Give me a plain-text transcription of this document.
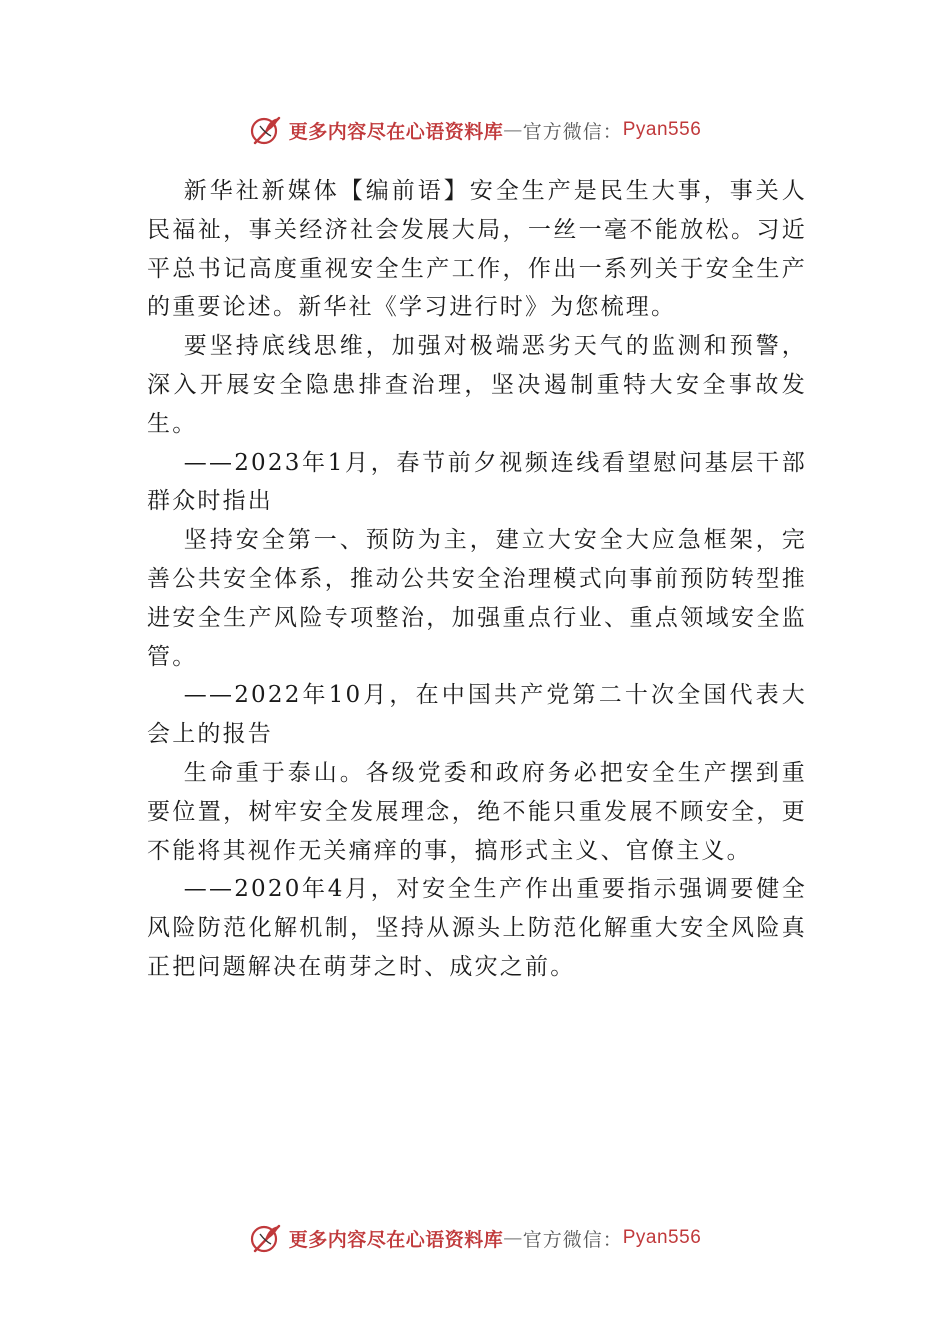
更多内容尽在心语资料库 — 官方微信： Pyan556

新华社新媒体【编前语】安全生产是民生大事，事关人民福祉，事关经济社会发展大局，一丝一毫不能放松。习近平总书记高度重视安全生产工作，作出一系列关于安全生产的重要论述。新华社《学习进行时》为您梳理。

要坚持底线思维，加强对极端恶劣天气的监测和预警，深入开展安全隐患排查治理，坚决遏制重特大安全事故发生。

——2023年1月，春节前夕视频连线看望慰问基层干部群众时指出

坚持安全第一、预防为主，建立大安全大应急框架，完善公共安全体系，推动公共安全治理模式向事前预防转型推进安全生产风险专项整治，加强重点行业、重点领域安全监管。

——2022年10月，在中国共产党第二十次全国代表大会上的报告

生命重于泰山。各级党委和政府务必把安全生产摆到重要位置，树牢安全发展理念，绝不能只重发展不顾安全，更不能将其视作无关痛痒的事，搞形式主义、官僚主义。

——2020年4月，对安全生产作出重要指示强调要健全风险防范化解机制，坚持从源头上防范化解重大安全风险真正把问题解决在萌芽之时、成灾之前。

更多内容尽在心语资料库 — 官方微信： Pyan556
